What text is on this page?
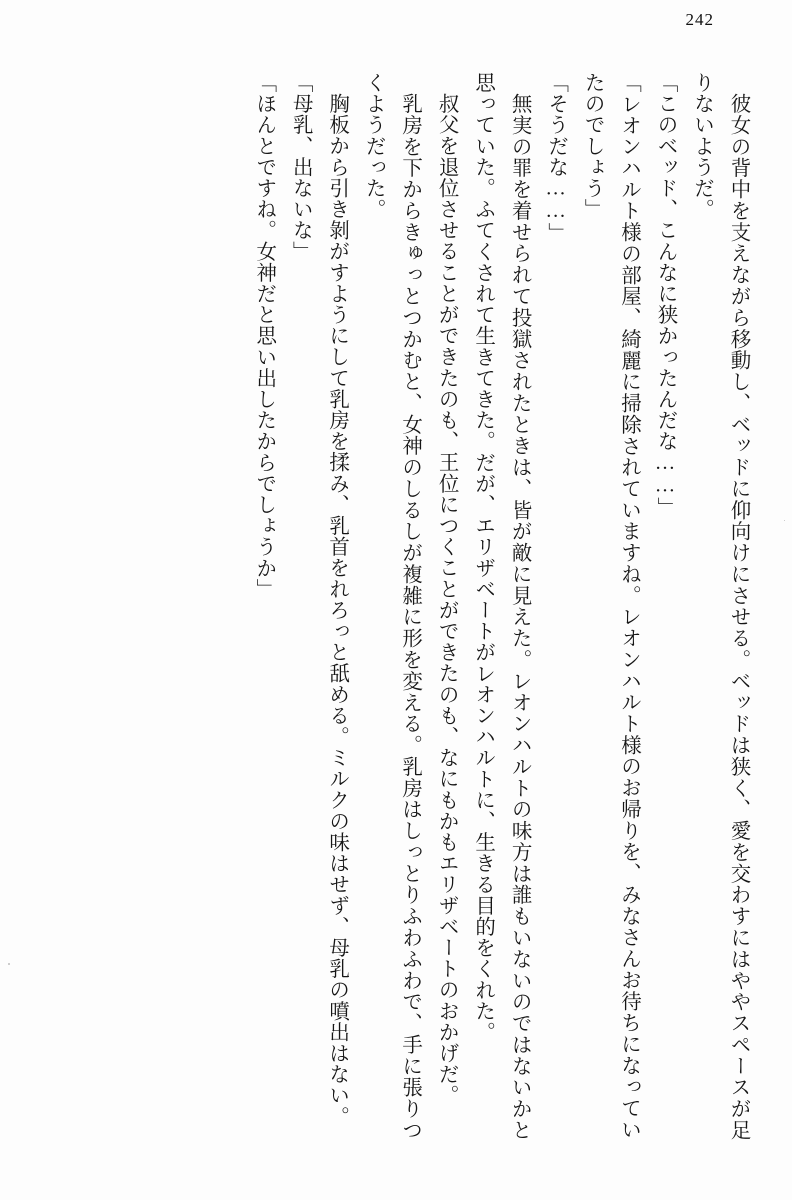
242

彼女の背中を支えながら移動し、ベッドに仰向けにさせる。ベッドは狭く、愛を交わすにはややスペースが足りないようだ。

「このベッド、こんなに狭かったんだな……」

「レオンハルト様の部屋、綺麗に掃除されていますね。レオンハルト様のお帰りを、みなさんお待ちになっていたのでしょう」

「そうだな……」

無実の罪を着せられて投獄されたときは、皆が敵に見えた。レオンハルトの味方は誰もいないのではないかと思っていた。ふてくされて生きてきた。だが、エリザベートがレオンハルトに、生きる目的をくれた。

叔父を退位させることができたのも、王位につくことができたのも、なにもかもエリザベートのおかげだ。

乳房を下からきゅっとつかむと、女神のしるしが複雑に形を変える。乳房はしっとりふわふわで、手に張りつくようだった。

胸板から引き剝がすようにして乳房を揉み、乳首をれろっと舐める。ミルクの味はせず、母乳の噴出はない。

「母乳、出ないな」

「ほんとですね。女神だと思い出したからでしょうか」
